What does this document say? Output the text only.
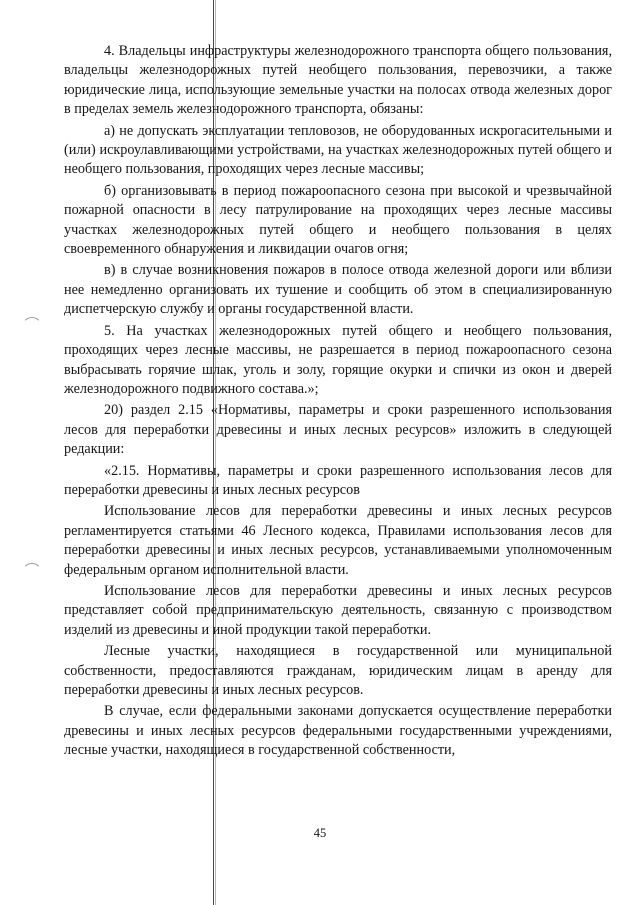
4. Владельцы инфраструктуры железнодорожного транспорта общего пользования, владельцы железнодорожных путей необщего пользования, перевозчики, а также юридические лица, использующие земельные участки на полосах отвода железных дорог в пределах земель железнодорожного транспорта, обязаны:

а) не допускать эксплуатации тепловозов, не оборудованных искрогасительными и (или) искроулавливающими устройствами, на участках железнодорожных путей общего и необщего пользования, проходящих через лесные массивы;

б) организовывать в период пожароопасного сезона при высокой и чрезвычайной пожарной опасности в лесу патрулирование на проходящих через лесные массивы участках железнодорожных путей общего и необщего пользования в целях своевременного обнаружения и ликвидации очагов огня;

в) в случае возникновения пожаров в полосе отвода железной дороги или вблизи нее немедленно организовать их тушение и сообщить об этом в специализированную диспетчерскую службу и органы государственной власти.

5. На участках железнодорожных путей общего и необщего пользования, проходящих через лесные массивы, не разрешается в период пожароопасного сезона выбрасывать горячие шлак, уголь и золу, горящие окурки и спички из окон и дверей железнодорожного подвижного состава.»;

20) раздел 2.15 «Нормативы, параметры и сроки разрешенного использования лесов для переработки древесины и иных лесных ресурсов» изложить в следующей редакции:

«2.15. Нормативы, параметры и сроки разрешенного использования лесов для переработки древесины и иных лесных ресурсов

Использование лесов для переработки древесины и иных лесных ресурсов регламентируется статьями 46 Лесного кодекса, Правилами использования лесов для переработки древесины и иных лесных ресурсов, устанавливаемыми уполномоченным федеральным органом исполнительной власти.

Использование лесов для переработки древесины и иных лесных ресурсов представляет собой предпринимательскую деятельность, связанную с производством изделий из древесины и иной продукции такой переработки.

Лесные участки, находящиеся в государственной или муниципальной собственности, предоставляются гражданам, юридическим лицам в аренду для переработки древесины и иных лесных ресурсов.

В случае, если федеральными законами допускается осуществление переработки древесины и иных лесных ресурсов федеральными государственными учреждениями, лесные участки, находящиеся в государственной собственности,

45
